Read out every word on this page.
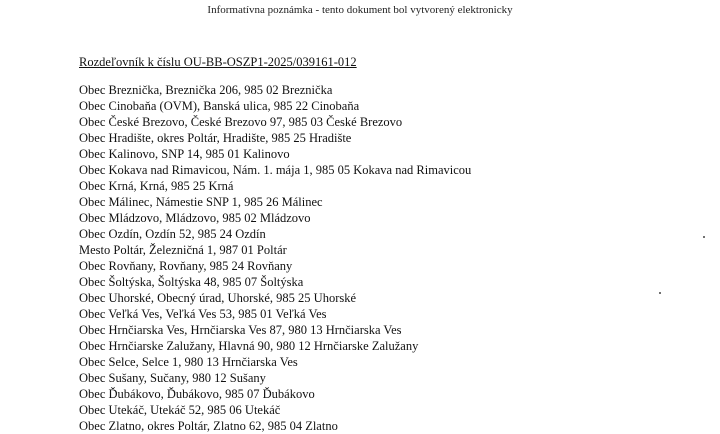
Informatívna poznámka - tento dokument bol vytvorený elektronicky
Rozdeľovník k číslu OU-BB-OSZP1-2025/039161-012
Obec Breznička, Breznička 206, 985 02 Breznička
Obec Cinobaňa (OVM), Banská ulica, 985 22 Cinobaňa
Obec České Brezovo, České Brezovo 97, 985 03 České Brezovo
Obec Hradište, okres Poltár, Hradište, 985 25 Hradište
Obec Kalinovo, SNP 14, 985 01 Kalinovo
Obec Kokava nad Rimavicou, Nám. 1. mája 1, 985 05 Kokava nad Rimavicou
Obec Krná, Krná, 985 25 Krná
Obec Málinec, Námestie SNP 1, 985 26 Málinec
Obec Mládzovo, Mládzovo, 985 02 Mládzovo
Obec Ozdín, Ozdín 52, 985 24 Ozdín
Mesto Poltár, Železničná 1, 987 01 Poltár
Obec Rovňany, Rovňany, 985 24 Rovňany
Obec Šoltýska, Šoltýska 48, 985 07 Šoltýska
Obec Uhorské, Obecný úrad, Uhorské, 985 25 Uhorské
Obec Veľká Ves, Veľká Ves 53, 985 01 Veľká Ves
Obec Hrnčiarska Ves, Hrnčiarska Ves 87, 980 13 Hrnčiarska Ves
Obec Hrnčiarske Zalužany, Hlavná 90, 980 12 Hrnčiarske Zalužany
Obec Selce, Selce 1, 980 13 Hrnčiarska Ves
Obec Sušany, Sučany, 980 12 Sušany
Obec Ďubákovo, Ďubákovo, 985 07 Ďubákovo
Obec Utekáč, Utekáč 52, 985 06 Utekáč
Obec Zlatno, okres Poltár, Zlatno 62, 985 04 Zlatno
